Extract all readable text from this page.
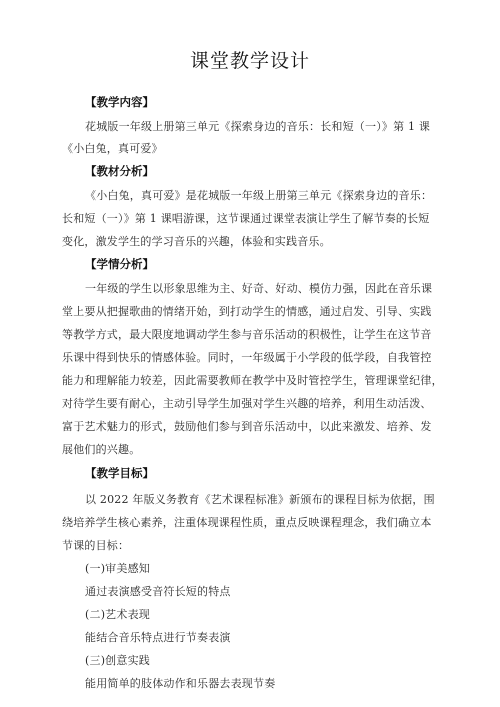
课堂教学设计
【教学内容】
花城版一年级上册第三单元《探索身边的音乐：长和短（一）》第 1 课
《小白兔，真可爱》
【教材分析】
《小白兔，真可爱》是花城版一年级上册第三单元《探索身边的音乐：
长和短（一）》第 1 课唱游课，这节课通过课堂表演让学生了解节奏的长短
变化，激发学生的学习音乐的兴趣，体验和实践音乐。
【学情分析】
一年级的学生以形象思维为主、好奇、好动、模仿力强，因此在音乐课
堂上要从把握歌曲的情绪开始，到打动学生的情感，通过启发、引导、实践
等教学方式，最大限度地调动学生参与音乐活动的积极性，让学生在这节音
乐课中得到快乐的情感体验。同时，一年级属于小学段的低学段，自我管控
能力和理解能力较差，因此需要教师在教学中及时管控学生，管理课堂纪律，
对待学生要有耐心，主动引导学生加强对学生兴趣的培养，利用生动活泼、
富于艺术魅力的形式，鼓励他们参与到音乐活动中，以此来激发、培养、发
展他们的兴趣。
【教学目标】
以 2022 年版义务教育《艺术课程标准》新颁布的课程目标为依据，围
绕培养学生核心素养，注重体现课程性质，重点反映课程理念，我们确立本
节课的目标：
(一)审美感知
通过表演感受音符长短的特点
(二)艺术表现
能结合音乐特点进行节奏表演
(三)创意实践
能用简单的肢体动作和乐器去表现节奏
